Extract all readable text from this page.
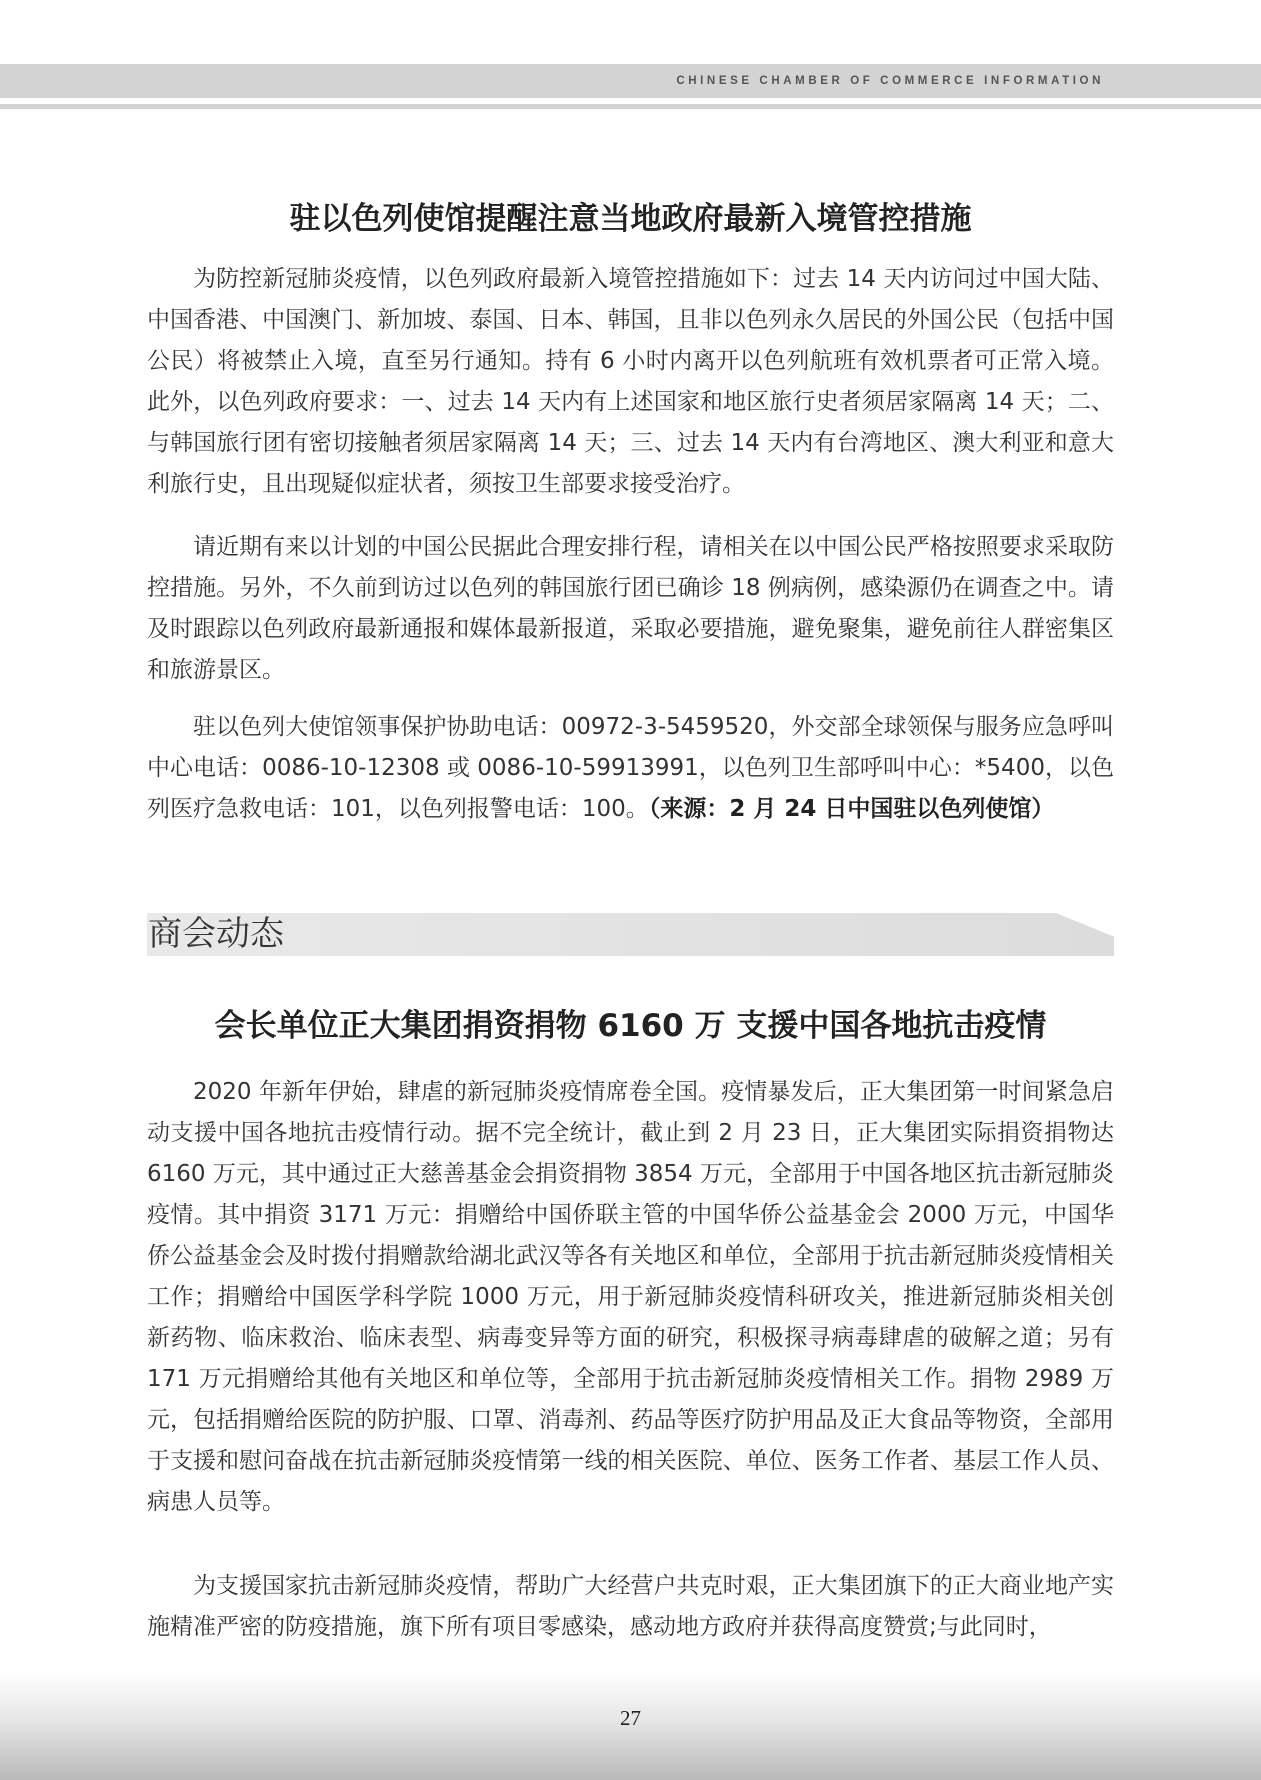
CHINESE CHAMBER OF COMMERCE INFORMATION
驻以色列使馆提醒注意当地政府最新入境管控措施

为防控新冠肺炎疫情，以色列政府最新入境管控措施如下：过去 14 天内访问过中国大陆、中国香港、中国澳门、新加坡、泰国、日本、韩国，且非以色列永久居民的外国公民（包括中国公民）将被禁止入境，直至另行通知。持有 6 小时内离开以色列航班有效机票者可正常入境。此外，以色列政府要求：一、过去 14 天内有上述国家和地区旅行史者须居家隔离 14 天；二、与韩国旅行团有密切接触者须居家隔离 14 天；三、过去 14 天内有台湾地区、澳大利亚和意大利旅行史，且出现疑似症状者，须按卫生部要求接受治疗。

请近期有来以计划的中国公民据此合理安排行程，请相关在以中国公民严格按照要求采取防控措施。另外，不久前到访过以色列的韩国旅行团已确诊 18 例病例，感染源仍在调查之中。请及时跟踪以色列政府最新通报和媒体最新报道，采取必要措施，避免聚集，避免前往人群密集区和旅游景区。

驻以色列大使馆领事保护协助电话：00972-3-5459520，外交部全球领保与服务应急呼叫中心电话：0086-10-12308 或 0086-10-59913991，以色列卫生部呼叫中心：*5400，以色列医疗急救电话：101，以色列报警电话：100。（来源：2 月 24 日中国驻以色列使馆）

商会动态
会长单位正大集团捐资捐物 6160 万 支援中国各地抗击疫情

2020 年新年伊始，肆虐的新冠肺炎疫情席卷全国。疫情暴发后，正大集团第一时间紧急启动支援中国各地抗击疫情行动。据不完全统计，截止到 2 月 23 日，正大集团实际捐资捐物达 6160 万元，其中通过正大慈善基金会捐资捐物 3854 万元，全部用于中国各地区抗击新冠肺炎疫情。其中捐资 3171 万元：捐赠给中国侨联主管的中国华侨公益基金会 2000 万元，中国华侨公益基金会及时拨付捐赠款给湖北武汉等各有关地区和单位，全部用于抗击新冠肺炎疫情相关工作；捐赠给中国医学科学院 1000 万元，用于新冠肺炎疫情科研攻关，推进新冠肺炎相关创新药物、临床救治、临床表型、病毒变异等方面的研究，积极探寻病毒肆虐的破解之道；另有 171 万元捐赠给其他有关地区和单位等，全部用于抗击新冠肺炎疫情相关工作。捐物 2989 万元，包括捐赠给医院的防护服、口罩、消毒剂、药品等医疗防护用品及正大食品等物资，全部用于支援和慰问奋战在抗击新冠肺炎疫情第一线的相关医院、单位、医务工作者、基层工作人员、病患人员等。

为支援国家抗击新冠肺炎疫情，帮助广大经营户共克时艰，正大集团旗下的正大商业地产实施精准严密的防疫措施，旗下所有项目零感染，感动地方政府并获得高度赞赏;与此同时，

27
